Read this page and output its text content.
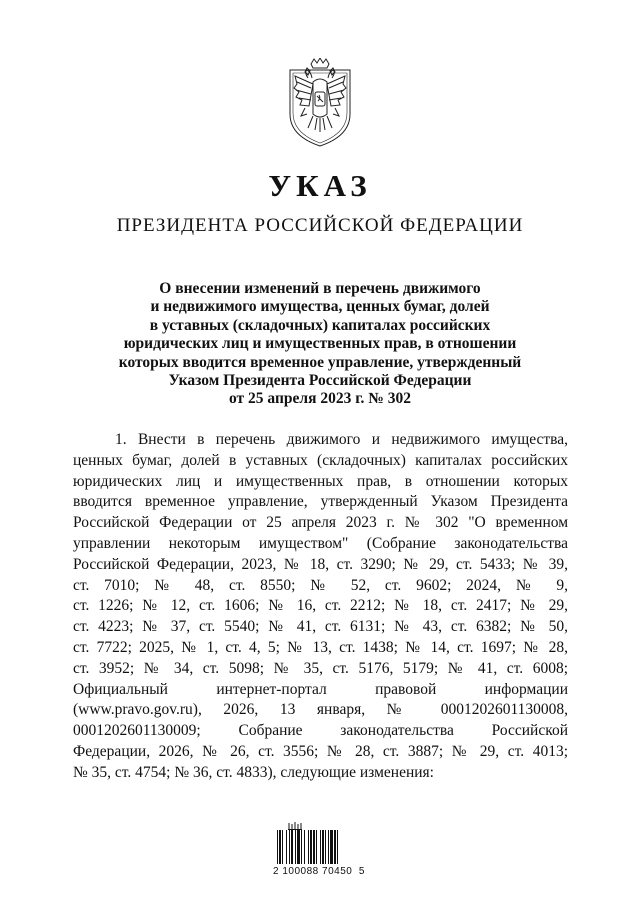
УКАЗ
ПРЕЗИДЕНТА РОССИЙСКОЙ ФЕДЕРАЦИИ
О внесении изменений в перечень движимого
и недвижимого имущества, ценных бумаг, долей
в уставных (складочных) капиталах российских
юридических лиц и имущественных прав, в отношении
которых вводится временное управление, утвержденный
Указом Президента Российской Федерации
от 25 апреля 2023 г. № 302
1. Внести в перечень движимого и недвижимого имущества,
ценных бумаг, долей в уставных (складочных) капиталах российских
юридических лиц и имущественных прав, в отношении которых
вводится временное управление, утвержденный Указом Президента
Российской Федерации от 25 апреля 2023 г. № 302 "О временном
управлении некоторым имуществом" (Собрание законодательства
Российской Федерации, 2023, № 18, ст. 3290; № 29, ст. 5433; № 39,
ст. 7010; № 48, ст. 8550; № 52, ст. 9602; 2024, № 9,
ст. 1226; № 12, ст. 1606; № 16, ст. 2212; № 18, ст. 2417; № 29,
ст. 4223; № 37, ст. 5540; № 41, ст. 6131; № 43, ст. 6382; № 50,
ст. 7722; 2025, № 1, ст. 4, 5; № 13, ст. 1438; № 14, ст. 1697; № 28,
ст. 3952; № 34, ст. 5098; № 35, ст. 5176, 5179; № 41, ст. 6008;
Официальный интернет-портал правовой информации
(www.pravo.gov.ru), 2026, 13 января, № 0001202601130008,
0001202601130009; Собрание законодательства Российской
Федерации, 2026, № 26, ст. 3556; № 28, ст. 3887; № 29, ст. 4013;
№ 35, ст. 4754; № 36, ст. 4833), следующие изменения:
2 100088 70450  5
